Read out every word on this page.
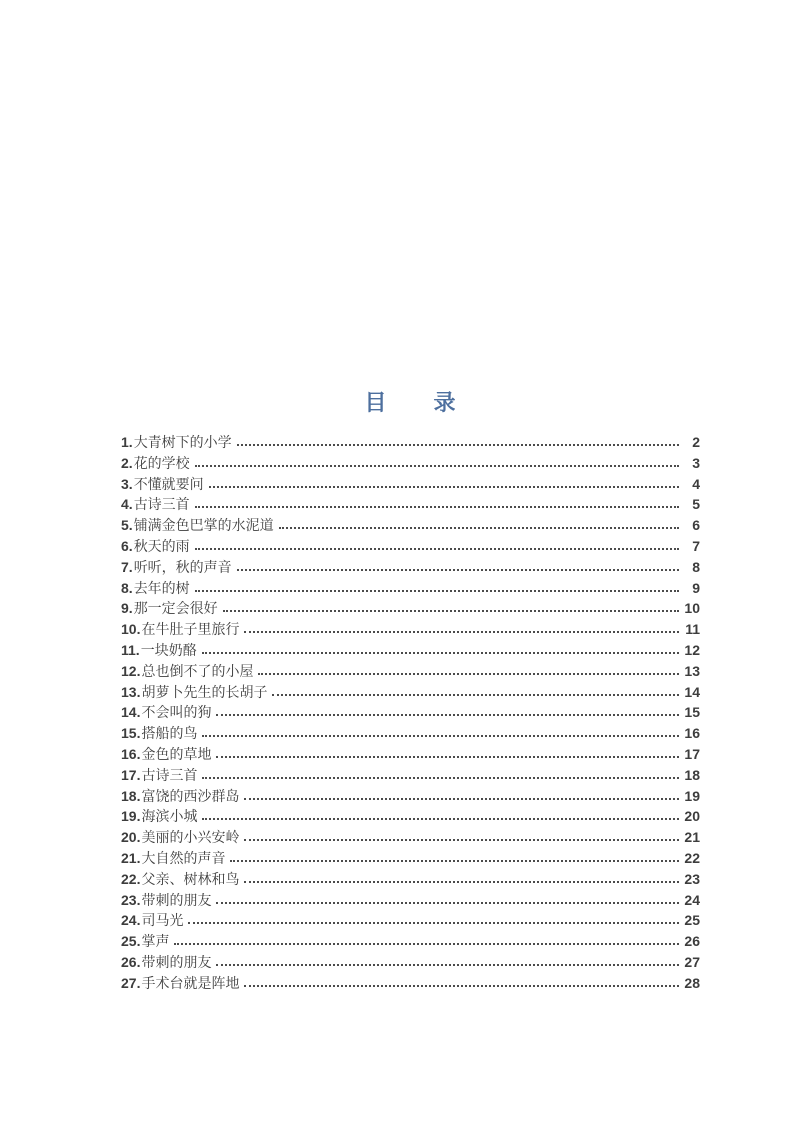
目　　录
1. 大青树下的小学	2
2. 花的学校	3
3. 不懂就要问	4
4. 古诗三首	5
5. 铺满金色巴掌的水泥道	6
6. 秋天的雨	7
7. 听听，秋的声音	8
8. 去年的树	9
9. 那一定会很好	10
10. 在牛肚子里旅行	11
11. 一块奶酪	12
12. 总也倒不了的小屋	13
13. 胡萝卜先生的长胡子	14
14. 不会叫的狗	15
15. 搭船的鸟	16
16. 金色的草地	17
17. 古诗三首	18
18. 富饶的西沙群岛	19
19. 海滨小城	20
20. 美丽的小兴安岭	21
21. 大自然的声音	22
22. 父亲、树林和鸟	23
23. 带刺的朋友	24
24. 司马光	25
25. 掌声	26
26. 带刺的朋友	27
27. 手术台就是阵地	28
